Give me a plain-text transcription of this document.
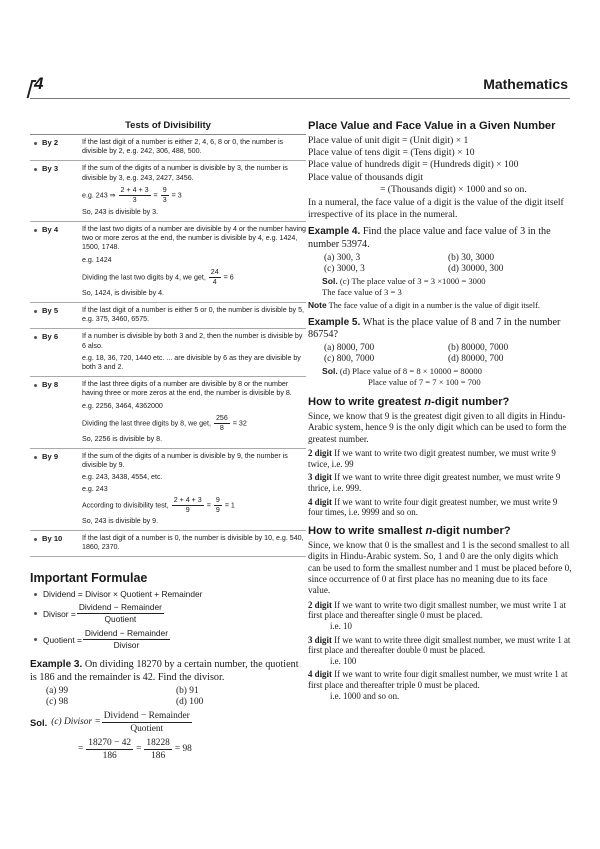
4	Mathematics
Tests of Divisibility
By 2	If the last digit of a number is either 2, 4, 6, 8 or 0, the number is divisible by 2, e.g. 242, 306, 488, 500.

By 3	If the sum of the digits of a number is divisible by 3, the number is divisible by 3, e.g. 243, 2427, 3456.

e.g. 243 ⇒ $\frac{2 + 4 + 3}{3} = \frac{9}{3} = 3$

So, 243 is divisible by 3.

By 4	If the last two digits of a number are divisible by 4 or the number having two or more zeros at the end, the number is divisible by 4, e.g. 1424, 1500, 1748.

e.g. 1424

Dividing the last two digits by 4, we get, $\frac{24}{4} = 6$

So, 1424, is divisible by 4.

By 5	If the last digit of a number is either 5 or 0, the number is divisible by 5, e.g. 375, 3460, 6575.

By 6	If a number is divisible by both 3 and 2, then the number is divisible by 6 also.

e.g. 18, 36, 720, 1440 etc. ... are divisible by 6 as they are divisible by both 3 and 2.

By 8	If the last three digits of a number are divisible by 8 or the number having three or more zeros at the end, the number is divisible by 8.

e.g. 2256, 3464, 4362000

Dividing the last three digits by 8, we get, $\frac{256}{8} = 32$

So, 2256 is divisible by 8.

By 9	If the sum of the digits of a number is divisible by 9, the number is divisible by 9.

e.g. 243, 3438, 4554, etc.

e.g. 243

According to divisibility test, $\frac{2 + 4 + 3}{9} = \frac{9}{9} = 1$

So, 243 is divisible by 9.

By 10	If the last digit of a number is 0, the number is divisible by 10, e.g. 540, 1860, 2370.

Important Formulae
Dividend = Divisor × Quotient + Remainder
Divisor = $\frac{\text{Dividend − Remainder}}{\text{Quotient}}$
Quotient = $\frac{\text{Dividend − Remainder}}{\text{Divisor}}$
Example 3. On dividing 18270 by a certain number, the quotient is 186 and the remainder is 42. Find the divisor.
(a) 99	(b) 91
(c) 98	(d) 100
Sol. (c) Divisor = $\frac{\text{Dividend − Remainder}}{\text{Quotient}}$
= $\frac{18270 - 42}{186} = \frac{18228}{186} = 98$
Place Value and Face Value in a Given Number

Place value of unit digit = (Unit digit) × 1

Place value of tens digit = (Tens digit) × 10

Place value of hundreds digit = (Hundreds digit) × 100

Place value of thousands digit

= (Thousands digit) × 1000 and so on.

In a numeral, the face value of a digit is the value of the digit itself irrespective of its place in the numeral.

Example 4. Find the place value and face value of 3 in the number 53974.
(a) 300, 3	(b) 30, 3000
(c) 3000, 3	(d) 30000, 300
Sol. (c) The place value of 3 = 3 ×1000 = 3000
The face value of 3 = 3
Note The face value of a digit in a number is the value of digit itself.
Example 5. What is the place value of 8 and 7 in the number 86754?
(a) 8000, 700	(b) 80000, 7000
(c) 800, 7000	(d) 80000, 700
Sol. (d) Place value of 8 = 8 × 10000 = 80000
Place value of 7 = 7 × 100 = 700
How to write greatest n-digit number?
Since, we know that 9 is the greatest digit given to all digits in Hindu-Arabic system, hence 9 is the only digit which can be used to form the greatest number.
2 digit If we want to write two digit greatest number, we must write 9 twice, i.e. 99
3 digit If we want to write three digit greatest number, we must write 9 thrice, i.e. 999.
4 digit If we want to write four digit greatest number, we must write 9 four times, i.e. 9999 and so on.
How to write smallest n-digit number?
Since, we know that 0 is the smallest and 1 is the second smallest to all digits in Hindu-Arabic system. So, 1 and 0 are the only digits which can be used to form the smallest number and 1 must be placed before 0, since occurrence of 0 at first place has no meaning due to its face value.
2 digit If we want to write two digit smallest number, we must write 1 at first place and thereafter single 0 must be placed.
i.e. 10
3 digit If we want to write three digit smallest number, we must write 1 at first place and thereafter double 0 must be placed.
i.e. 100
4 digit If we want to write four digit smallest number, we must write 1 at first place and thereafter triple 0 must be placed.
i.e. 1000 and so on.
